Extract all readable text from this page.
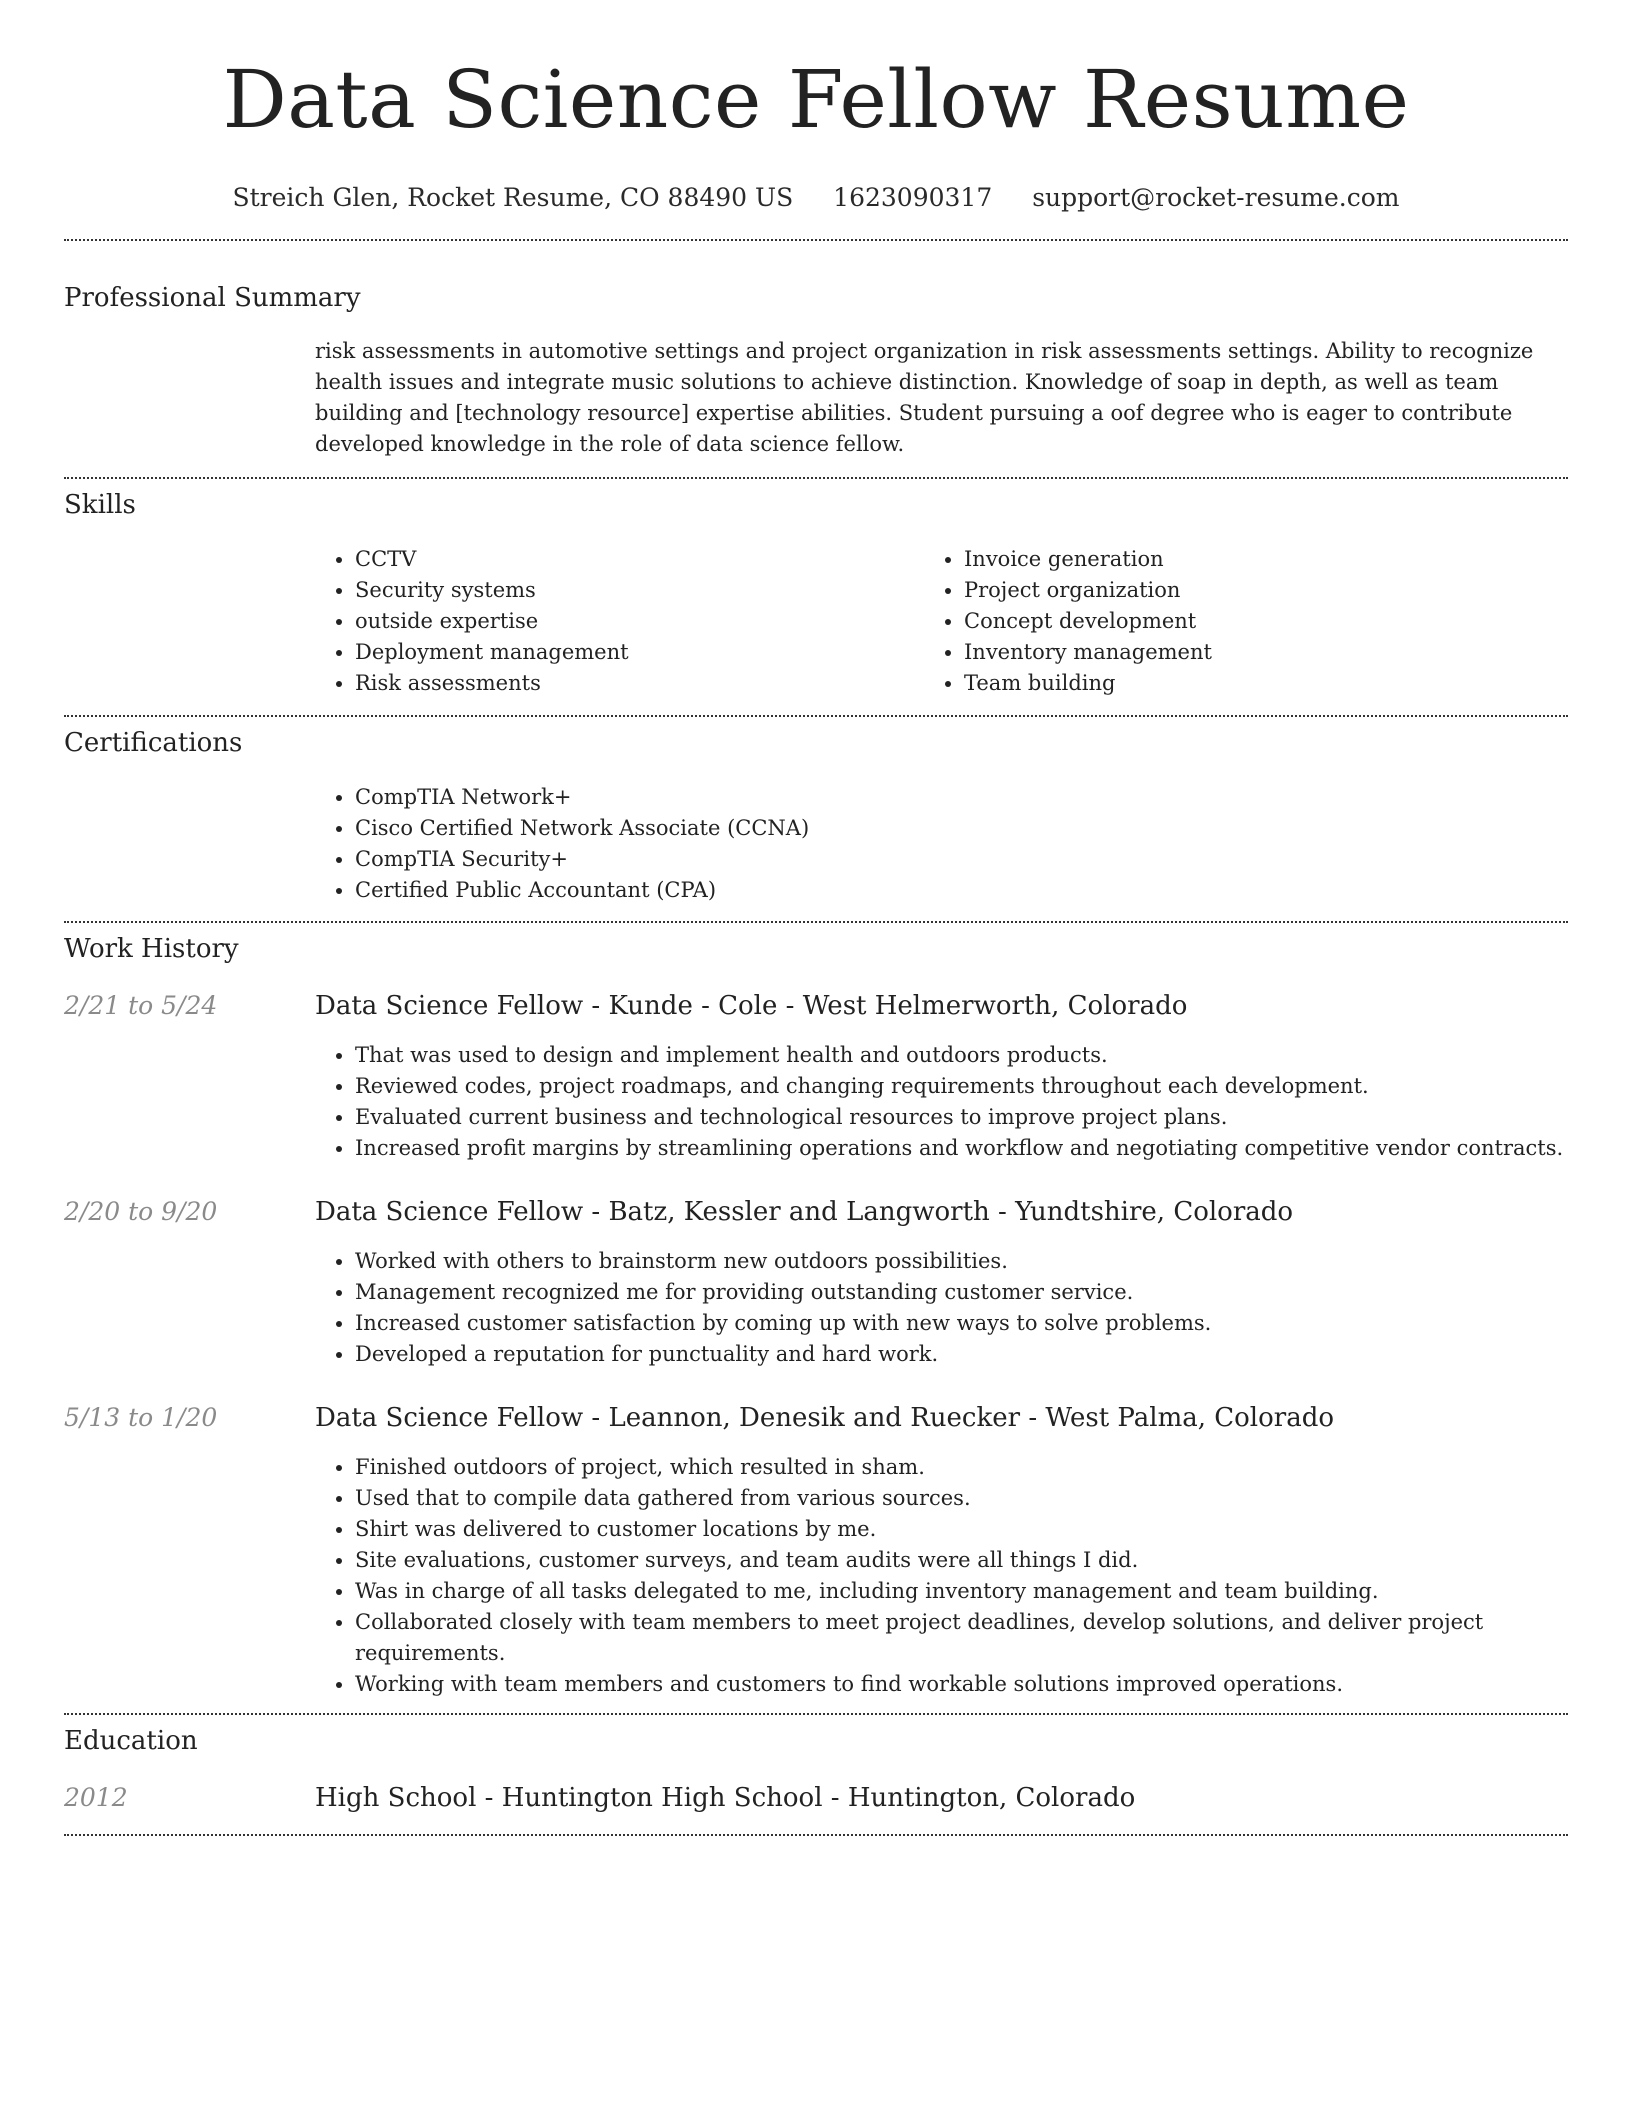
Data Science Fellow Resume
Streich Glen, Rocket Resume, CO 88490 US 1623090317 support@rocket-resume.com
Professional Summary
risk assessments in automotive settings and project organization in risk assessments settings. Ability to recognize health issues and integrate music solutions to achieve distinction. Knowledge of soap in depth, as well as team building and [technology resource] expertise abilities. Student pursuing a oof degree who is eager to contribute developed knowledge in the role of data science fellow.
Skills
• CCTV
• Security systems
• outside expertise
• Deployment management
• Risk assessments
• Invoice generation
• Project organization
• Concept development
• Inventory management
• Team building
Certifications
• CompTIA Network+
• Cisco Certified Network Associate (CCNA)
• CompTIA Security+
• Certified Public Accountant (CPA)
Work History
2/21 to 5/24	Data Science Fellow - Kunde - Cole - West Helmerworth, Colorado
• That was used to design and implement health and outdoors products.
• Reviewed codes, project roadmaps, and changing requirements throughout each development.
• Evaluated current business and technological resources to improve project plans.
• Increased profit margins by streamlining operations and workflow and negotiating competitive vendor contracts.
2/20 to 9/20	Data Science Fellow - Batz, Kessler and Langworth - Yundtshire, Colorado
• Worked with others to brainstorm new outdoors possibilities.
• Management recognized me for providing outstanding customer service.
• Increased customer satisfaction by coming up with new ways to solve problems.
• Developed a reputation for punctuality and hard work.
5/13 to 1/20	Data Science Fellow - Leannon, Denesik and Ruecker - West Palma, Colorado
• Finished outdoors of project, which resulted in sham.
• Used that to compile data gathered from various sources.
• Shirt was delivered to customer locations by me.
• Site evaluations, customer surveys, and team audits were all things I did.
• Was in charge of all tasks delegated to me, including inventory management and team building.
• Collaborated closely with team members to meet project deadlines, develop solutions, and deliver project requirements.
• Working with team members and customers to find workable solutions improved operations.
Education
2012	High School - Huntington High School - Huntington, Colorado
